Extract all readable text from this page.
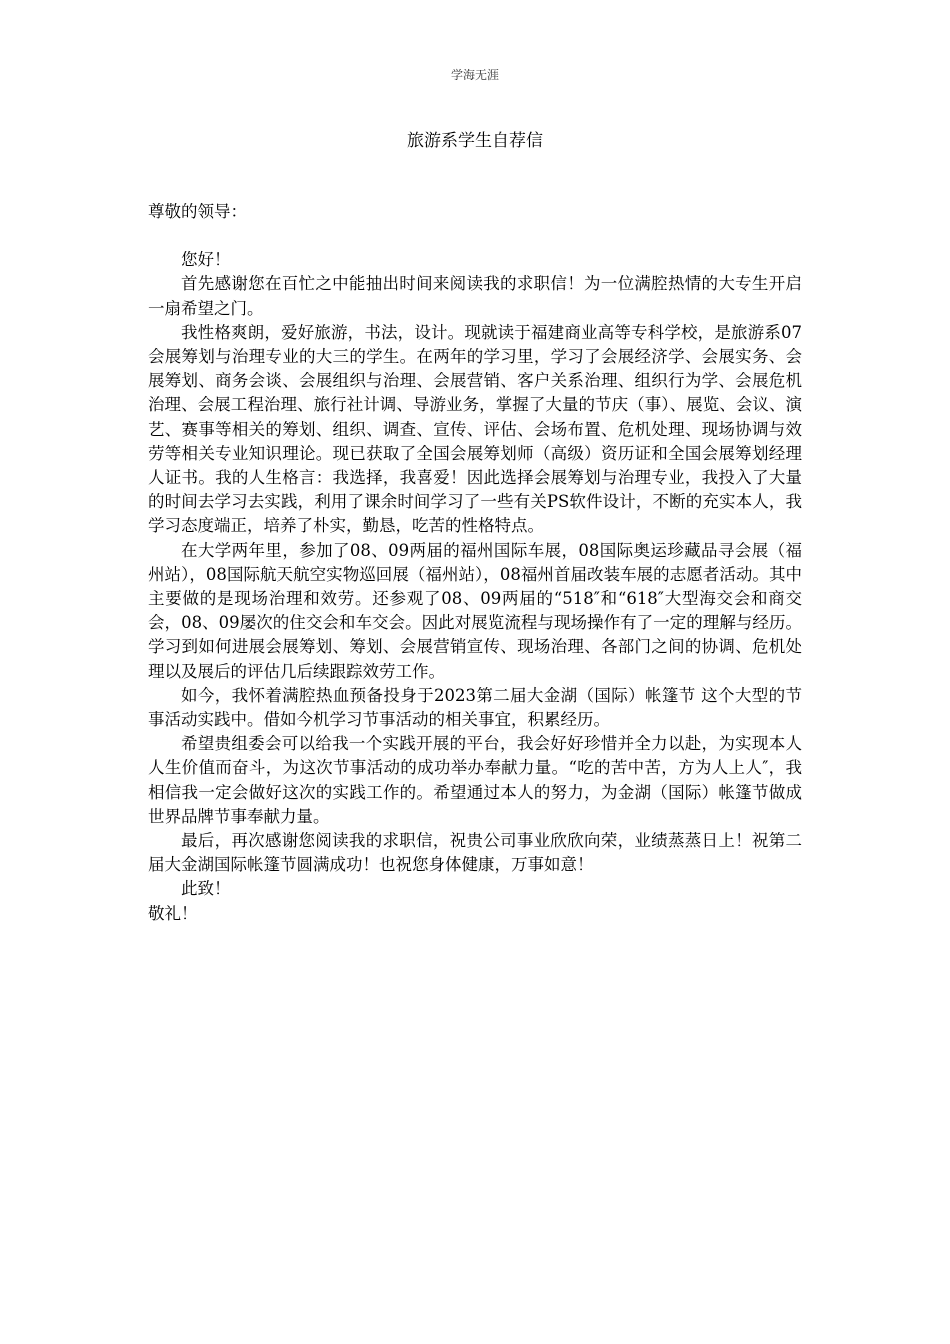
学海无涯
旅游系学生自荐信

尊敬的领导：

您好！

首先感谢您在百忙之中能抽出时间来阅读我的求职信！为一位满腔热情的大专生开启一扇希望之门。

我性格爽朗，爱好旅游，书法，设计。现就读于福建商业高等专科学校，是旅游系07会展筹划与治理专业的大三的学生。在两年的学习里，学习了会展经济学、会展实务、会展筹划、商务会谈、会展组织与治理、会展营销、客户关系治理、组织行为学、会展危机治理、会展工程治理、旅行社计调、导游业务，掌握了大量的节庆（事）、展览、会议、演艺、赛事等相关的筹划、组织、调查、宣传、评估、会场布置、危机处理、现场协调与效劳等相关专业知识理论。现已获取了全国会展筹划师（高级）资历证和全国会展筹划经理人证书。我的人生格言：我选择，我喜爱！因此选择会展筹划与治理专业，我投入了大量的时间去学习去实践，利用了课余时间学习了一些有关PS软件设计，不断的充实本人，我学习态度端正，培养了朴实，勤恳，吃苦的性格特点。

在大学两年里，参加了08、09两届的福州国际车展，08国际奥运珍藏品寻会展（福州站），08国际航天航空实物巡回展（福州站），08福州首届改装车展的志愿者活动。其中主要做的是现场治理和效劳。还参观了08、09两届的“518″和“618″大型海交会和商交会，08、09屡次的住交会和车交会。因此对展览流程与现场操作有了一定的理解与经历。学习到如何进展会展筹划、筹划、会展营销宣传、现场治理、各部门之间的协调、危机处理以及展后的评估几后续跟踪效劳工作。

如今，我怀着满腔热血预备投身于2023第二届大金湖（国际）帐篷节 这个大型的节事活动实践中。借如今机学习节事活动的相关事宜，积累经历。

希望贵组委会可以给我一个实践开展的平台，我会好好珍惜并全力以赴，为实现本人人生价值而奋斗，为这次节事活动的成功举办奉献力量。“吃的苦中苦，方为人上人″，我相信我一定会做好这次的实践工作的。希望通过本人的努力，为金湖（国际）帐篷节做成世界品牌节事奉献力量。

最后，再次感谢您阅读我的求职信，祝贵公司事业欣欣向荣，业绩蒸蒸日上！祝第二届大金湖国际帐篷节圆满成功！也祝您身体健康，万事如意！

此致！

敬礼！
